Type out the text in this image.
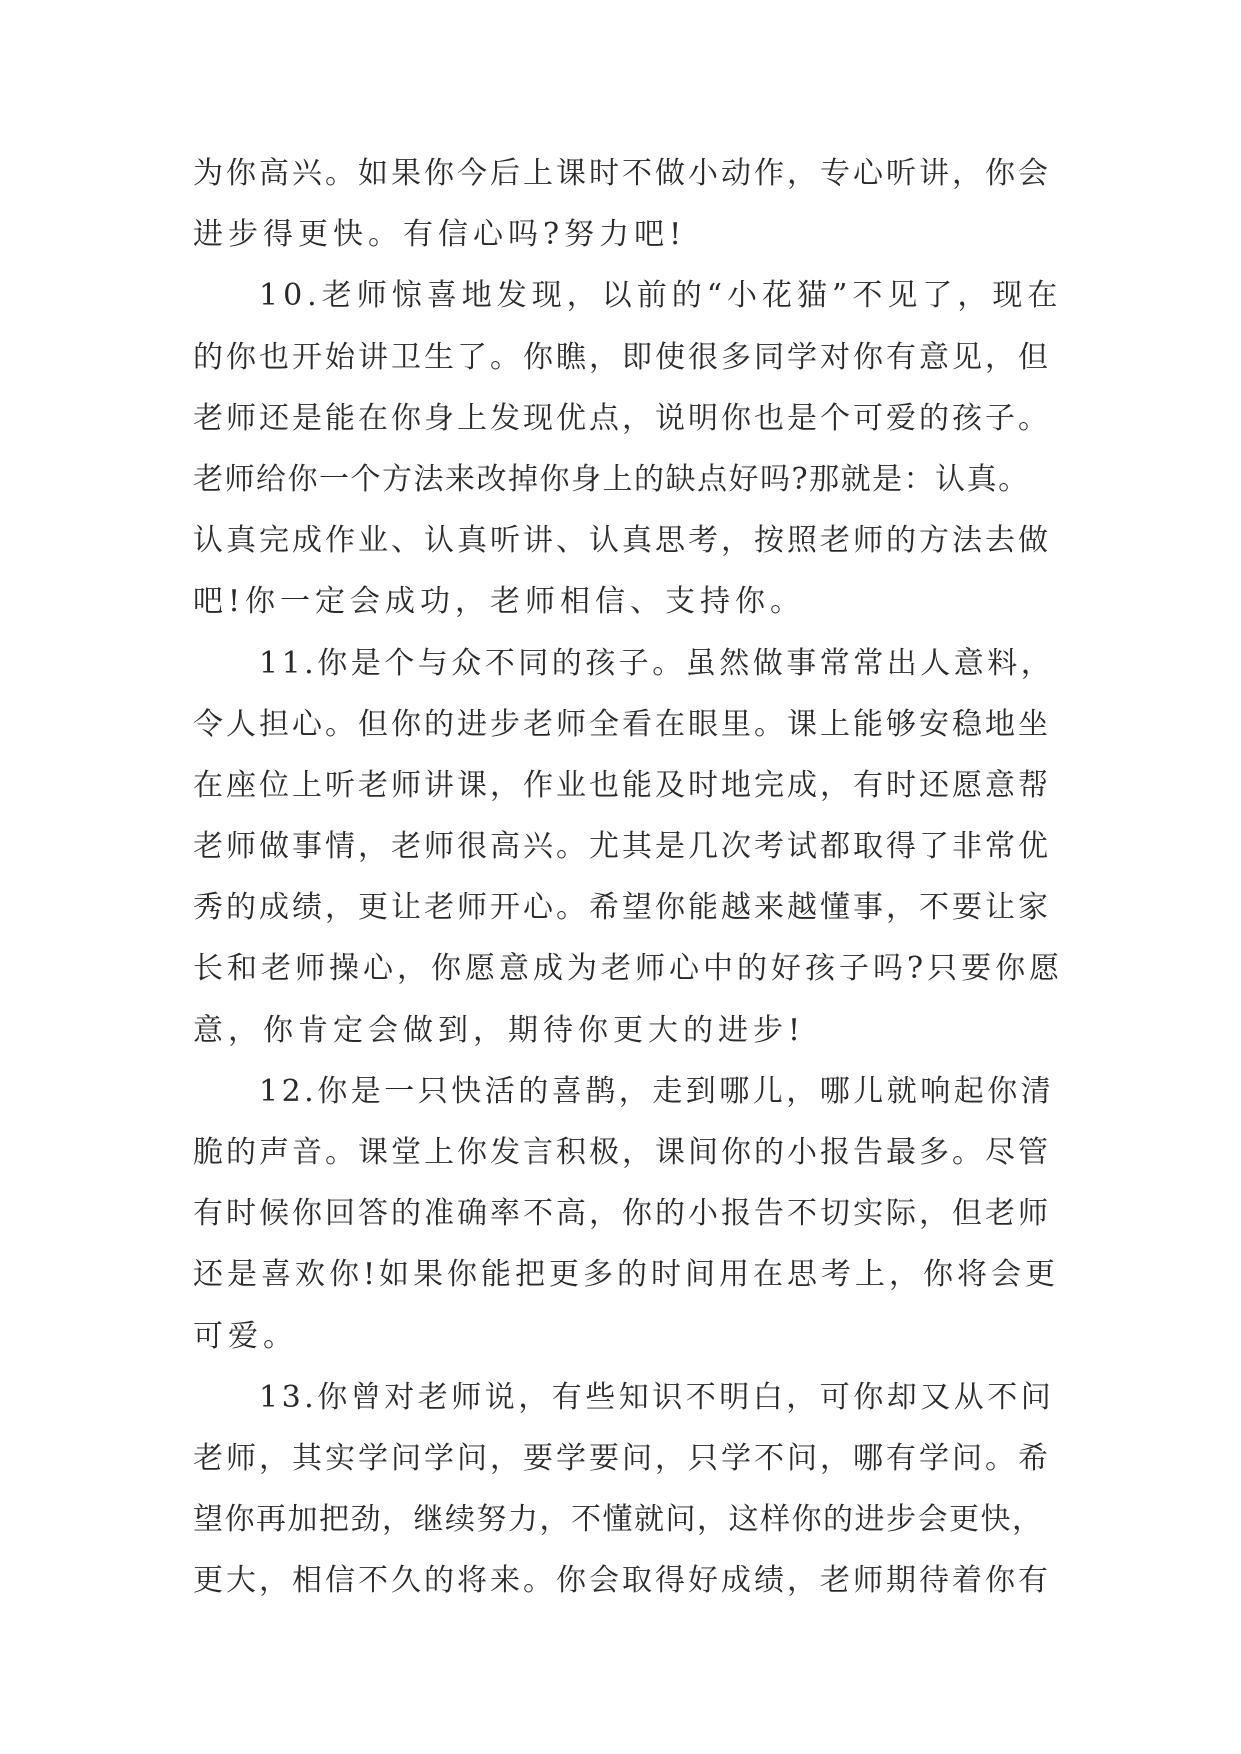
为你高兴。如果你今后上课时不做小动作，专心听讲，你会
进步得更快。有信心吗?努力吧!
10.老师惊喜地发现，以前的“小花猫”不见了，现在
的你也开始讲卫生了。你瞧，即使很多同学对你有意见，但
老师还是能在你身上发现优点，说明你也是个可爱的孩子。
老师给你一个方法来改掉你身上的缺点好吗?那就是：认真。
认真完成作业、认真听讲、认真思考，按照老师的方法去做
吧!你一定会成功，老师相信、支持你。
11.你是个与众不同的孩子。虽然做事常常出人意料，
令人担心。但你的进步老师全看在眼里。课上能够安稳地坐
在座位上听老师讲课，作业也能及时地完成，有时还愿意帮
老师做事情，老师很高兴。尤其是几次考试都取得了非常优
秀的成绩，更让老师开心。希望你能越来越懂事，不要让家
长和老师操心，你愿意成为老师心中的好孩子吗?只要你愿
意，你肯定会做到，期待你更大的进步!
12.你是一只快活的喜鹊，走到哪儿，哪儿就响起你清
脆的声音。课堂上你发言积极，课间你的小报告最多。尽管
有时候你回答的准确率不高，你的小报告不切实际，但老师
还是喜欢你!如果你能把更多的时间用在思考上，你将会更
可爱。
13.你曾对老师说，有些知识不明白，可你却又从不问
老师，其实学问学问，要学要问，只学不问，哪有学问。希
望你再加把劲，继续努力，不懂就问，这样你的进步会更快，
更大，相信不久的将来。你会取得好成绩，老师期待着你有
